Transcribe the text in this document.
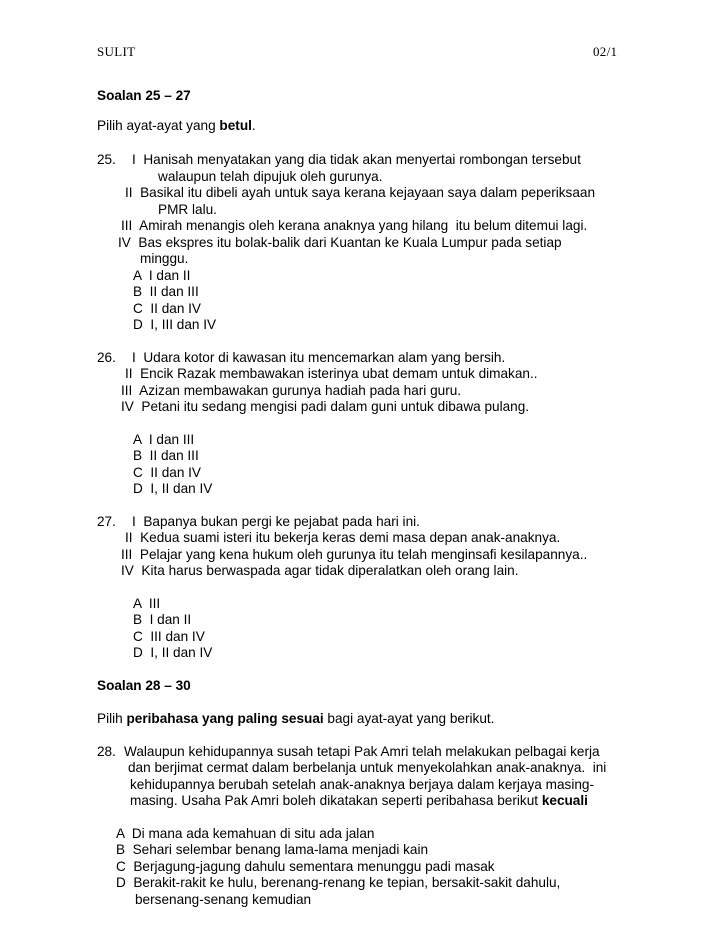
SULIT	02/1
Soalan 25 – 27
Pilih ayat-ayat yang betul.
25. I  Hanisah menyatakan yang dia tidak akan menyertai rombongan tersebut
walaupun telah dipujuk oleh gurunya.
II  Basikal itu dibeli ayah untuk saya kerana kejayaan saya dalam peperiksaan
PMR lalu.
III  Amirah menangis oleh kerana anaknya yang hilang  itu belum ditemui lagi.
IV  Bas ekspres itu bolak-balik dari Kuantan ke Kuala Lumpur pada setiap
minggu.
A  I dan II
B  II dan III
C  II dan IV
D  I, III dan IV
26. I  Udara kotor di kawasan itu mencemarkan alam yang bersih.
II  Encik Razak membawakan isterinya ubat demam untuk dimakan..
III  Azizan membawakan gurunya hadiah pada hari guru.
IV  Petani itu sedang mengisi padi dalam guni untuk dibawa pulang.
A  I dan III
B  II dan III
C  II dan IV
D  I, II dan IV
27. I  Bapanya bukan pergi ke pejabat pada hari ini.
II  Kedua suami isteri itu bekerja keras demi masa depan anak-anaknya.
III  Pelajar yang kena hukum oleh gurunya itu telah menginsafi kesilapannya..
IV  Kita harus berwaspada agar tidak diperalatkan oleh orang lain.
A  III
B  I dan II
C  III dan IV
D  I, II dan IV
Soalan 28 – 30
Pilih peribahasa yang paling sesuai bagi ayat-ayat yang berikut.
28. Walaupun kehidupannya susah tetapi Pak Amri telah melakukan pelbagai kerja
dan berjimat cermat dalam berbelanja untuk menyekolahkan anak-anaknya.  ini
kehidupannya berubah setelah anak-anaknya berjaya dalam kerjaya masing-
masing. Usaha Pak Amri boleh dikatakan seperti peribahasa berikut kecuali
A  Di mana ada kemahuan di situ ada jalan
B  Sehari selembar benang lama-lama menjadi kain
C  Berjagung-jagung dahulu sementara menunggu padi masak
D  Berakit-rakit ke hulu, berenang-renang ke tepian, bersakit-sakit dahulu,
bersenang-senang kemudian
